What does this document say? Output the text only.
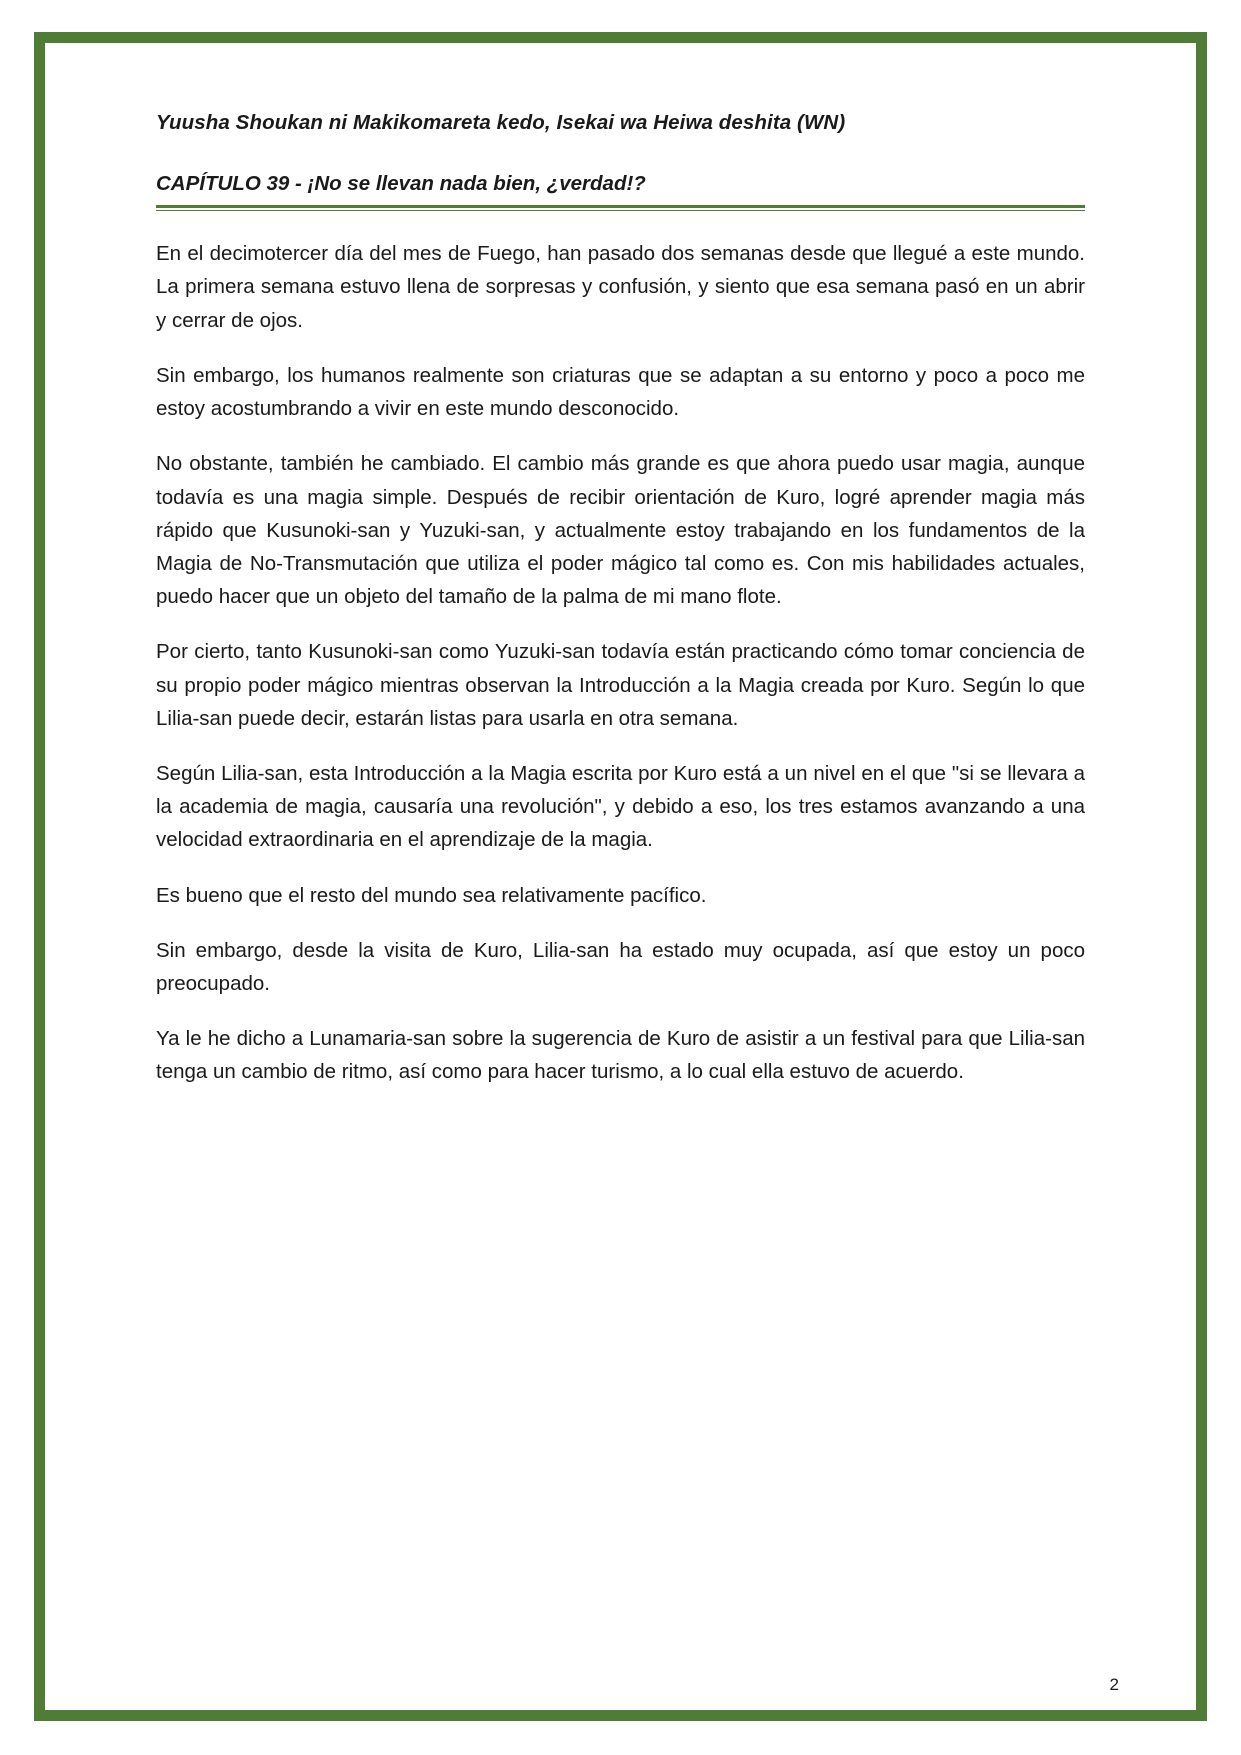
Yuusha Shoukan ni Makikomareta kedo, Isekai wa Heiwa deshita (WN)
CAPÍTULO 39 - ¡No se llevan nada bien, ¿verdad!?

En el decimotercer día del mes de Fuego, han pasado dos semanas desde que llegué a este mundo. La primera semana estuvo llena de sorpresas y confusión, y siento que esa semana pasó en un abrir y cerrar de ojos.

Sin embargo, los humanos realmente son criaturas que se adaptan a su entorno y poco a poco me estoy acostumbrando a vivir en este mundo desconocido.

No obstante, también he cambiado. El cambio más grande es que ahora puedo usar magia, aunque todavía es una magia simple. Después de recibir orientación de Kuro, logré aprender magia más rápido que Kusunoki-san y Yuzuki-san, y actualmente estoy trabajando en los fundamentos de la Magia de No-Transmutación que utiliza el poder mágico tal como es. Con mis habilidades actuales, puedo hacer que un objeto del tamaño de la palma de mi mano flote.

Por cierto, tanto Kusunoki-san como Yuzuki-san todavía están practicando cómo tomar conciencia de su propio poder mágico mientras observan la Introducción a la Magia creada por Kuro. Según lo que Lilia-san puede decir, estarán listas para usarla en otra semana.

Según Lilia-san, esta Introducción a la Magia escrita por Kuro está a un nivel en el que "si se llevara a la academia de magia, causaría una revolución", y debido a eso, los tres estamos avanzando a una velocidad extraordinaria en el aprendizaje de la magia.

Es bueno que el resto del mundo sea relativamente pacífico.

Sin embargo, desde la visita de Kuro, Lilia-san ha estado muy ocupada, así que estoy un poco preocupado.

Ya le he dicho a Lunamaria-san sobre la sugerencia de Kuro de asistir a un festival para que Lilia-san tenga un cambio de ritmo, así como para hacer turismo, a lo cual ella estuvo de acuerdo.

2
